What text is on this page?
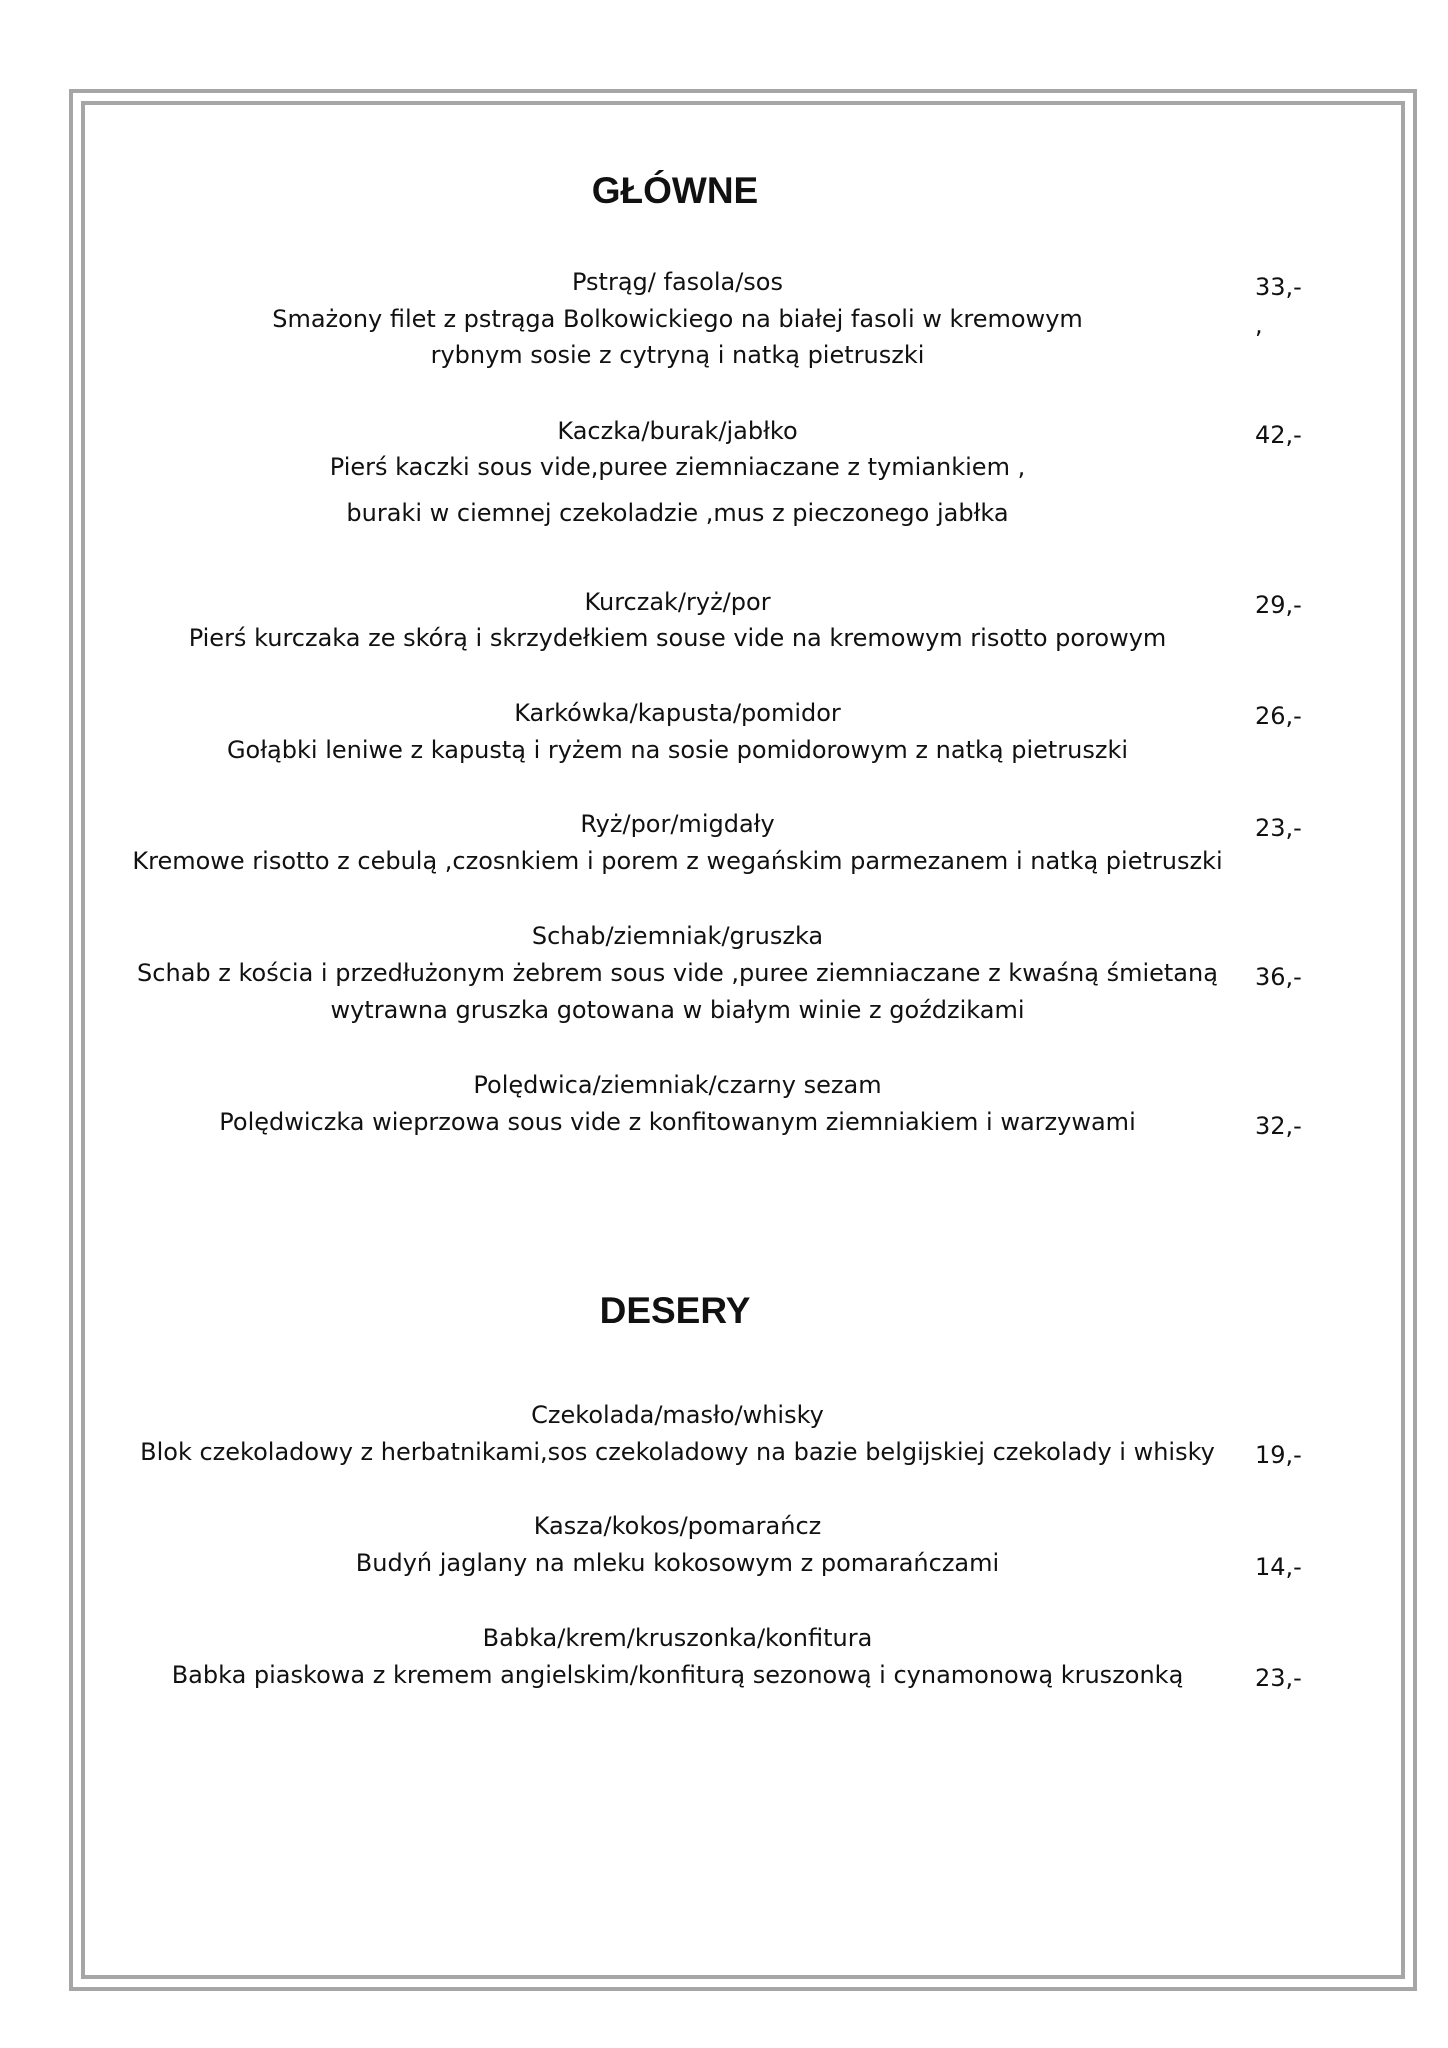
GŁÓWNE
Pstrąg/ fasola/sos
Smażony filet z pstrąga Bolkowickiego na białej fasoli w kremowym
rybnym sosie z cytryną i natką pietruszki
33,-
,
Kaczka/burak/jabłko
Pierś kaczki sous vide,puree ziemniaczane z tymiankiem ,
buraki w ciemnej czekoladzie ,mus z pieczonego jabłka
42,-
Kurczak/ryż/por
Pierś kurczaka ze skórą i skrzydełkiem souse vide na kremowym risotto porowym
29,-
Karkówka/kapusta/pomidor
Gołąbki leniwe z kapustą i ryżem na sosie pomidorowym z natką pietruszki
26,-
Ryż/por/migdały
Kremowe risotto z cebulą ,czosnkiem i porem z wegańskim parmezanem i natką pietruszki
23,-
Schab/ziemniak/gruszka
Schab z kościa i przedłużonym żebrem sous vide ,puree ziemniaczane z kwaśną śmietaną
wytrawna gruszka gotowana w białym winie z goździkami
36,-
Polędwica/ziemniak/czarny sezam
Polędwiczka wieprzowa sous vide z konfitowanym ziemniakiem i warzywami	32,-
DESERY
Czekolada/masło/whisky
Blok czekoladowy z herbatnikami,sos czekoladowy na bazie belgijskiej czekolady i whisky	19,-
Kasza/kokos/pomarańcz
Budyń jaglany na mleku kokosowym z pomarańczami	14,-
Babka/krem/kruszonka/konfitura
Babka piaskowa z kremem angielskim/konfiturą sezonową i cynamonową kruszonką	23,-
